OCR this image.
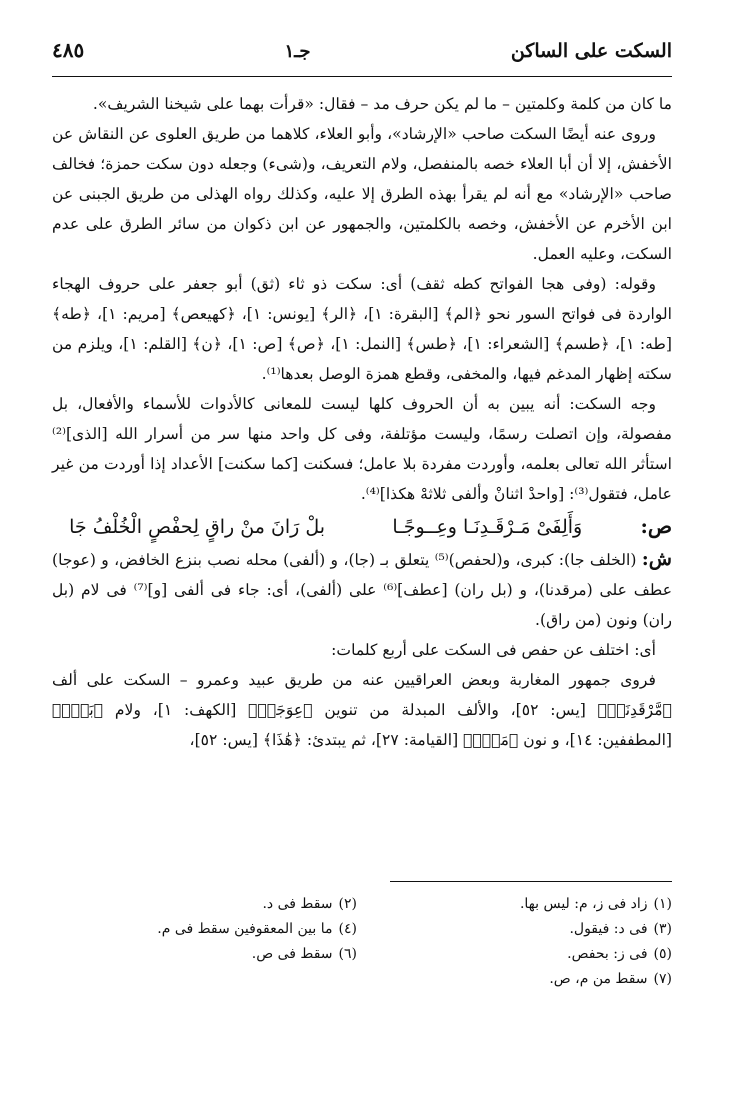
السكت على الساكن
جـ١
٤٨٥

ما كان من كلمة وكلمتين – ما لم يكن حرف مد – فقال: «قرأت بهما على شيخنا الشريف».

وروى عنه أيضًا السكت صاحب «الإرشاد»، وأبو العلاء، كلاهما من طريق العلوى عن النقاش عن الأخفش، إلا أن أبا العلاء خصه بالمنفصل، ولام التعريف، و(شىء) وجعله دون سكت حمزة؛ فخالف صاحب «الإرشاد» مع أنه لم يقرأ بهذه الطرق إلا عليه، وكذلك رواه الهذلى من طريق الجبنى عن ابن الأخرم عن الأخفش، وخصه بالكلمتين، والجمهور عن ابن ذكوان من سائر الطرق على عدم السكت، وعليه العمل.

وقوله: (وفى هجا الفواتح كطه ثقف) أى: سكت ذو ثاء (ثق) أبو جعفر على حروف الهجاء الواردة فى فواتح السور نحو ﴿الم﴾ [البقرة: ١]، ﴿الر﴾ [يونس: ١]، ﴿كهيعص﴾ [مريم: ١]، ﴿طه﴾ [طه: ١]، ﴿طسم﴾ [الشعراء: ١]، ﴿طس﴾ [النمل: ١]، ﴿ص﴾ [ص: ١]، ﴿ن﴾ [القلم: ١]، ويلزم من سكته إظهار المدغم فيها، والمخفى، وقطع همزة الوصل بعدها⁽¹⁾.

وجه السكت: أنه يبين به أن الحروف كلها ليست للمعانى كالأدوات للأسماء والأفعال، بل مفصولة، وإن اتصلت رسمًا، وليست مؤتلفة، وفى كل واحد منها سر من أسرار الله [الذى]⁽²⁾ استأثر الله تعالى بعلمه، وأوردت مفردة بلا عامل؛ فسكنت [كما سكنت] الأعداد إذا أوردت من غير عامل، فتقول⁽³⁾: [واحدْ اثنانْ وألفى ثلاثهْ هكذا]⁽⁴⁾.

ص:
وَأَلِفَىْ مَـرْقَـدِنَـا وعِــوجًـا
بلْ رَانَ منْ راقٍ لِحفْصٍ الْخُلْفُ جَا

ش: (الخلف جا): كبرى، و(لحفص)⁽⁵⁾ يتعلق بـ (جا)، و (ألفى) محله نصب بنزع الخافض، و (عوجا) عطف على (مرقدنا)، و (بل ران) [عطف]⁽⁶⁾ على (ألفى)، أى: جاء فى ألفى [و]⁽⁷⁾ فى لام (بل ران) ونون (من راق).

أى: اختلف عن حفص فى السكت على أربع كلمات:

فروى جمهور المغاربة وبعض العراقيين عنه من طريق عبيد وعمرو – السكت على ألف ﴿مَّرْقَدِنَاۜ﴾ [يس: ٥٢]، والألف المبدلة من تنوين ﴿عِوَجَاۜ﴾ [الكهف: ١]، ولام ﴿بَلْۜ﴾ [المطففين: ١٤]، و نون ﴿مَنْۜ﴾ [القيامة: ٢٧]، ثم يبتدئ: ﴿هَٰذَا﴾ [يس: ٥٢]،

(١)زاد فى ز، م: ليس بها.
(٢)سقط فى د.
(٣)فى د: فيقول.
(٤)ما بين المعقوفين سقط فى م.
(٥)فى ز: بحفص.
(٦)سقط فى ص.
(٧)سقط من م، ص.
